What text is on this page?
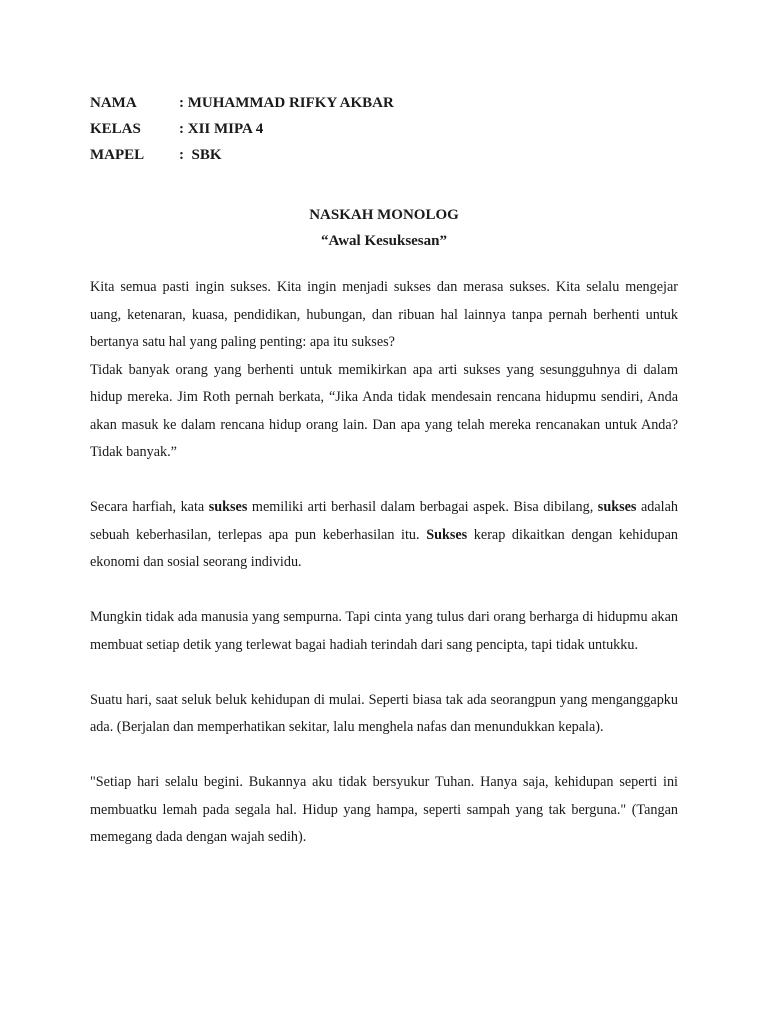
NAMA	: MUHAMMAD RIFKY AKBAR
KELAS	: XII MIPA 4
MAPEL	:  SBK
NASKAH MONOLOG
“Awal Kesuksesan”

Kita semua pasti ingin sukses. Kita ingin menjadi sukses dan merasa sukses. Kita selalu mengejar uang, ketenaran, kuasa, pendidikan, hubungan, dan ribuan hal lainnya tanpa pernah berhenti untuk bertanya satu hal yang paling penting: apa itu sukses?

Tidak banyak orang yang berhenti untuk memikirkan apa arti sukses yang sesungguhnya di dalam hidup mereka. Jim Roth pernah berkata, “Jika Anda tidak mendesain rencana hidupmu sendiri, Anda akan masuk ke dalam rencana hidup orang lain. Dan apa yang telah mereka rencanakan untuk Anda? Tidak banyak.”

Secara harfiah, kata sukses memiliki arti berhasil dalam berbagai aspek. Bisa dibilang, sukses adalah sebuah keberhasilan, terlepas apa pun keberhasilan itu. Sukses kerap dikaitkan dengan kehidupan ekonomi dan sosial seorang individu.

Mungkin tidak ada manusia yang sempurna. Tapi cinta yang tulus dari orang berharga di hidupmu akan membuat setiap detik yang terlewat bagai hadiah terindah dari sang pencipta, tapi tidak untukku.

Suatu hari, saat seluk beluk kehidupan di mulai. Seperti biasa tak ada seorangpun yang menganggapku ada. (Berjalan dan memperhatikan sekitar, lalu menghela nafas dan menundukkan kepala).

"Setiap hari selalu begini. Bukannya aku tidak bersyukur Tuhan. Hanya saja, kehidupan seperti ini membuatku lemah pada segala hal. Hidup yang hampa, seperti sampah yang tak berguna." (Tangan memegang dada dengan wajah sedih).
